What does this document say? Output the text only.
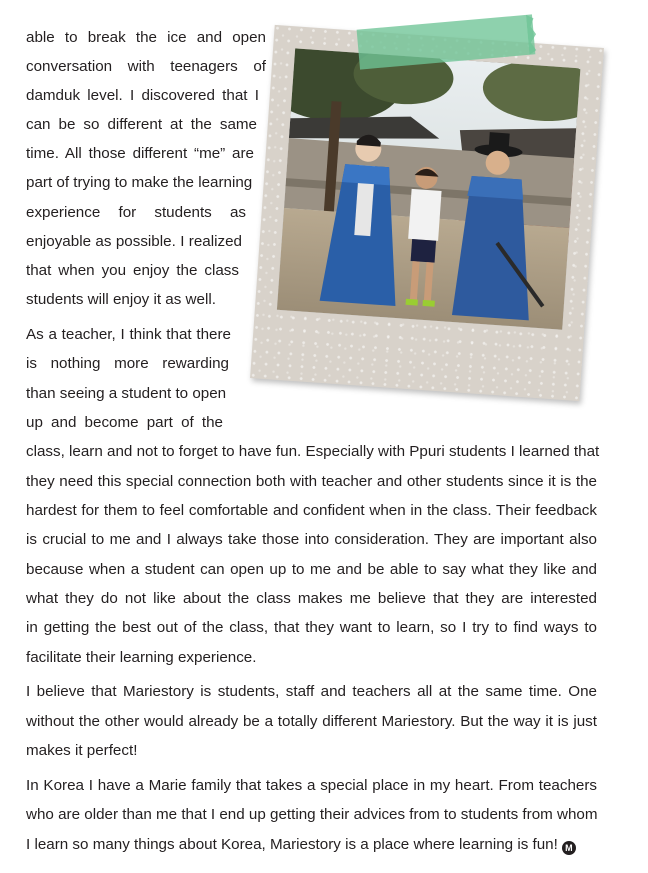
able to break the ice and open
conversation with teenagers of
damduk level. I discovered that I
can be so different at the same
time. All those different “me” are
part of trying to make the learning
experience for students as
enjoyable as possible. I realized
that when you enjoy the class
students will enjoy it as well.
As a teacher, I think that there
is nothing more rewarding
than seeing a student to open
up and become part of the
class, learn and not to forget to have fun. Especially with Ppuri students I learned that
they need this special connection both with teacher and other students since it is the
hardest for them to feel comfortable and confident when in the class. Their feedback
is crucial to me and I always take those into consideration. They are important also
because when a student can open up to me and be able to say what they like and
what they do not like about the class makes me believe that they are interested
in getting the best out of the class, that they want to learn, so I try to find ways to
facilitate their learning experience.
I believe that Mariestory is students, staff and teachers all at the same time. One
without the other would already be a totally different Mariestory. But the way it is just
makes it perfect!
In Korea I have a Marie family that takes a special place in my heart. From teachers
who are older than me that I end up getting their advices from to students from whom
I learn so many things about Korea, Mariestory is a place where learning is fun! M
